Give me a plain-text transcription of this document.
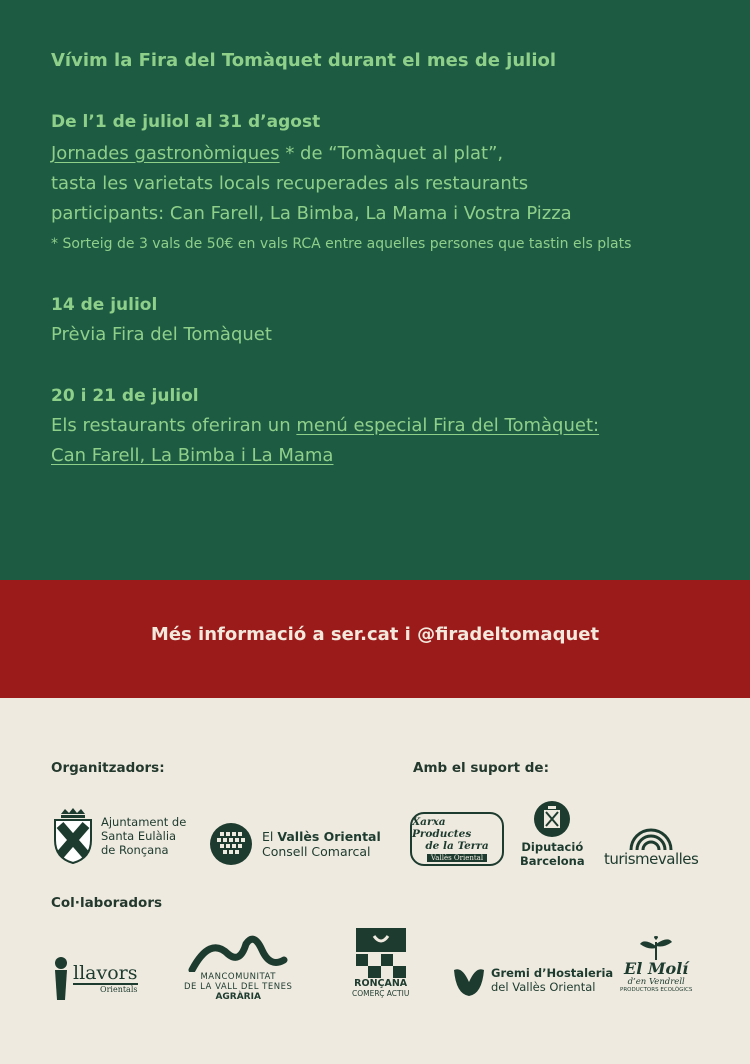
Vívim la Fira del Tomàquet durant el mes de juliol
De l’1 de juliol al 31 d’agost
Jornades gastronòmiques * de “Tomàquet al plat”,
tasta les varietats locals recuperades als restaurants
participants: Can Farell, La Bimba, La Mama i Vostra Pizza
* Sorteig de 3 vals de 50€ en vals RCA entre aquelles persones que tastin els plats
14 de juliol
Prèvia Fira del Tomàquet
20 i 21 de juliol
Els restaurants oferiran un menú especial Fira del Tomàquet:
Can Farell, La Bimba i La Mama
Més informació a ser.cat i @firadeltomaquet
Organitzadors:	Amb el suport de:
Ajuntament de
Santa Eulàlia
de Ronçana
El Vallès Oriental
Consell Comarcal
Xarxa Productes
de la Terra
Vallès Oriental
Diputació
Barcelona turismevalles
Col·laboradors
llavors
Orientals
MANCOMUNITAT
DE LA VALL DEL TENES
AGRÀRIA
RONÇANA
COMERÇ ACTIU
Gremi d’Hostaleria
del Vallès Oriental
El Molí
d’en Vendrell
PRODUCTORS ECOLÒGICS
